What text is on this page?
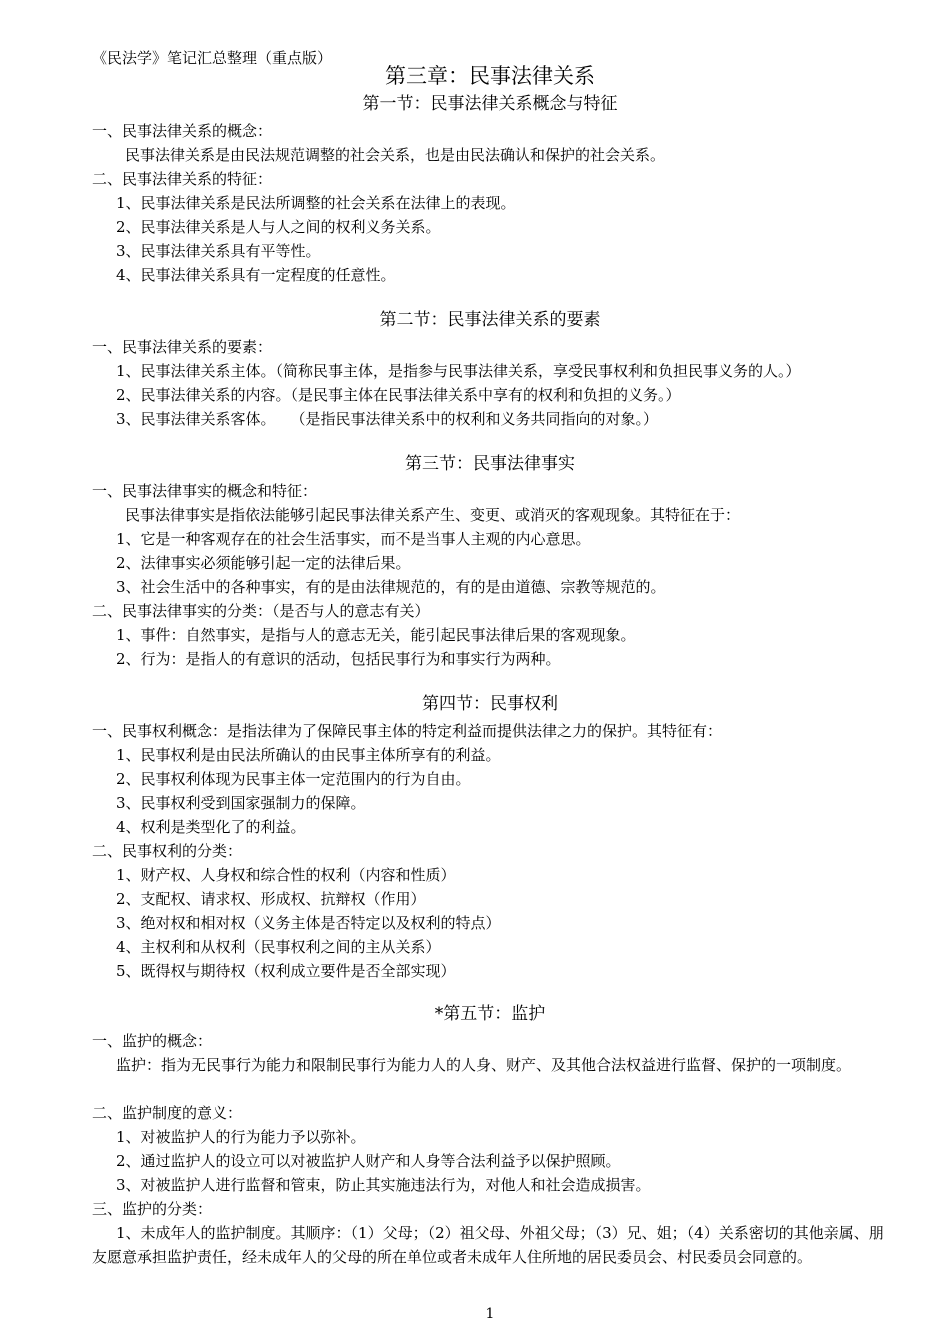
《民法学》笔记汇总整理（重点版）
第三章：民事法律关系
第一节：民事法律关系概念与特征
一、民事法律关系的概念：
民事法律关系是由民法规范调整的社会关系，也是由民法确认和保护的社会关系。
二、民事法律关系的特征：
1、民事法律关系是民法所调整的社会关系在法律上的表现。
2、民事法律关系是人与人之间的权利义务关系。
3、民事法律关系具有平等性。
4、民事法律关系具有一定程度的任意性。
第二节：民事法律关系的要素
一、民事法律关系的要素：
1、民事法律关系主体。（简称民事主体，是指参与民事法律关系，享受民事权利和负担民事义务的人。）
2、民事法律关系的内容。（是民事主体在民事法律关系中享有的权利和负担的义务。）
3、民事法律关系客体。　　（是指民事法律关系中的权利和义务共同指向的对象。）
第三节：民事法律事实
一、民事法律事实的概念和特征：
民事法律事实是指依法能够引起民事法律关系产生、变更、或消灭的客观现象。其特征在于：
1、它是一种客观存在的社会生活事实，而不是当事人主观的内心意思。
2、法律事实必须能够引起一定的法律后果。
3、社会生活中的各种事实，有的是由法律规范的，有的是由道德、宗教等规范的。
二、民事法律事实的分类：（是否与人的意志有关）
1、事件：自然事实，是指与人的意志无关，能引起民事法律后果的客观现象。
2、行为：是指人的有意识的活动，包括民事行为和事实行为两种。
第四节：民事权利
一、民事权利概念：是指法律为了保障民事主体的特定利益而提供法律之力的保护。其特征有：
1、民事权利是由民法所确认的由民事主体所享有的利益。
2、民事权利体现为民事主体一定范围内的行为自由。
3、民事权利受到国家强制力的保障。
4、权利是类型化了的利益。
二、民事权利的分类：
1、财产权、人身权和综合性的权利（内容和性质）
2、支配权、请求权、形成权、抗辩权（作用）
3、绝对权和相对权（义务主体是否特定以及权利的特点）
4、主权利和从权利（民事权利之间的主从关系）
5、既得权与期待权（权利成立要件是否全部实现）
*第五节：监护
一、监护的概念：
监护：指为无民事行为能力和限制民事行为能力人的人身、财产、及其他合法权益进行监督、保护的一项制度。
二、监护制度的意义：
1、对被监护人的行为能力予以弥补。
2、通过监护人的设立可以对被监护人财产和人身等合法利益予以保护照顾。
3、对被监护人进行监督和管束，防止其实施违法行为，对他人和社会造成损害。
三、监护的分类：
1、未成年人的监护制度。其顺序：（1）父母；（2）祖父母、外祖父母；（3）兄、姐；（4）关系密切的其他亲属、朋友愿意承担监护责任，经未成年人的父母的所在单位或者未成年人住所地的居民委员会、村民委员会同意的。
1
